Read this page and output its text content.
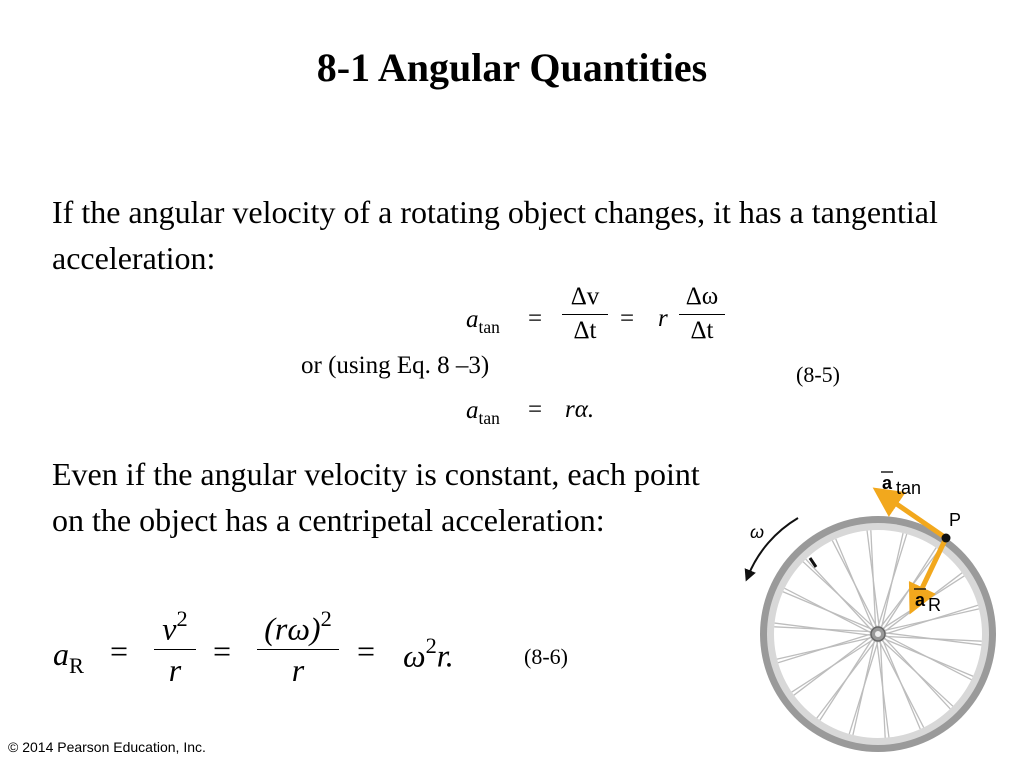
8-1 Angular Quantities
If the angular velocity of a rotating object changes, it has a tangential acceleration:
$a_{tan}$ =
Δv
Δt = r
Δω
Δt
or (using Eq. 8 –3)	(8-5)
$a_{tan} = r\alpha$.
Even if the angular velocity is constant, each point on the object has a centripetal acceleration:
$a_R$ =
$v^2$
r
=
$(r\omega)^2$
r
= $\omega^2r$.	(8-6)
ω
P
a tan
a R
© 2014 Pearson Education, Inc.
